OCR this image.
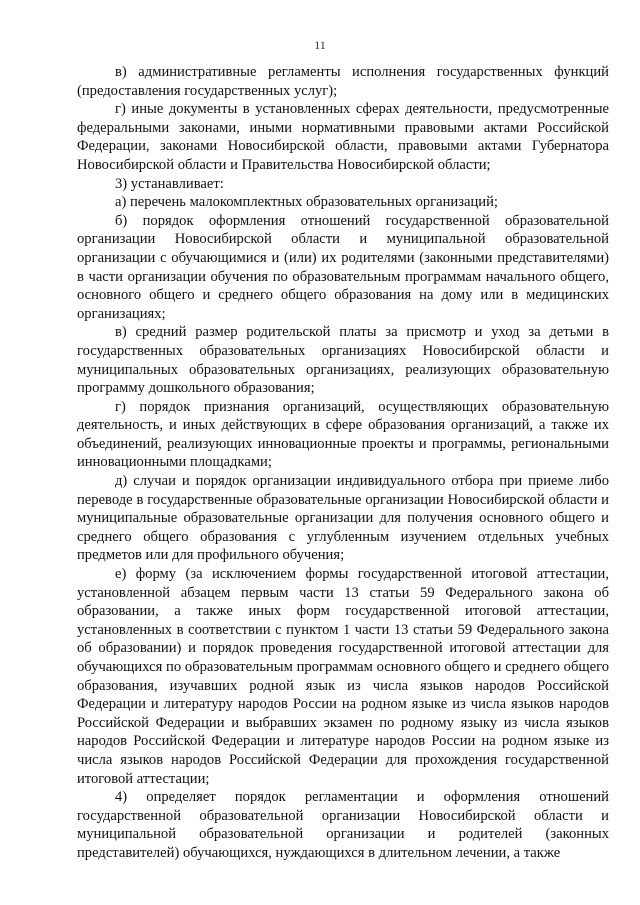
11

в) административные регламенты исполнения государственных функций (предоставления государственных услуг);

г) иные документы в установленных сферах деятельности, предусмотренные федеральными законами, иными нормативными правовыми актами Российской Федерации, законами Новосибирской области, правовыми актами Губернатора Новосибирской области и Правительства Новосибирской области;

3) устанавливает:

а) перечень малокомплектных образовательных организаций;

б) порядок оформления отношений государственной образовательной организации Новосибирской области и муниципальной образовательной организации с обучающимися и (или) их родителями (законными представителями) в части организации обучения по образовательным программам начального общего, основного общего и среднего общего образования на дому или в медицинских организациях;

в) средний размер родительской платы за присмотр и уход за детьми в государственных образовательных организациях Новосибирской области и муниципальных образовательных организациях, реализующих образовательную программу дошкольного образования;

г) порядок признания организаций, осуществляющих образовательную деятельность, и иных действующих в сфере образования организаций, а также их объединений, реализующих инновационные проекты и программы, региональными инновационными площадками;

д) случаи и порядок организации индивидуального отбора при приеме либо переводе в государственные образовательные организации Новосибирской области и муниципальные образовательные организации для получения основного общего и среднего общего образования с углубленным изучением отдельных учебных предметов или для профильного обучения;

е) форму (за исключением формы государственной итоговой аттестации, установленной абзацем первым части 13 статьи 59 Федерального закона об образовании, а также иных форм государственной итоговой аттестации, установленных в соответствии с пунктом 1 части 13 статьи 59 Федерального закона об образовании) и порядок проведения государственной итоговой аттестации для обучающихся по образовательным программам основного общего и среднего общего образования, изучавших родной язык из числа языков народов Российской Федерации и литературу народов России на родном языке из числа языков народов Российской Федерации и выбравших экзамен по родному языку из числа языков народов Российской Федерации и литературе народов России на родном языке из числа языков народов Российской Федерации для прохождения государственной итоговой аттестации;

4) определяет порядок регламентации и оформления отношений государственной образовательной организации Новосибирской области и муниципальной образовательной организации и родителей (законных представителей) обучающихся, нуждающихся в длительном лечении, а также
